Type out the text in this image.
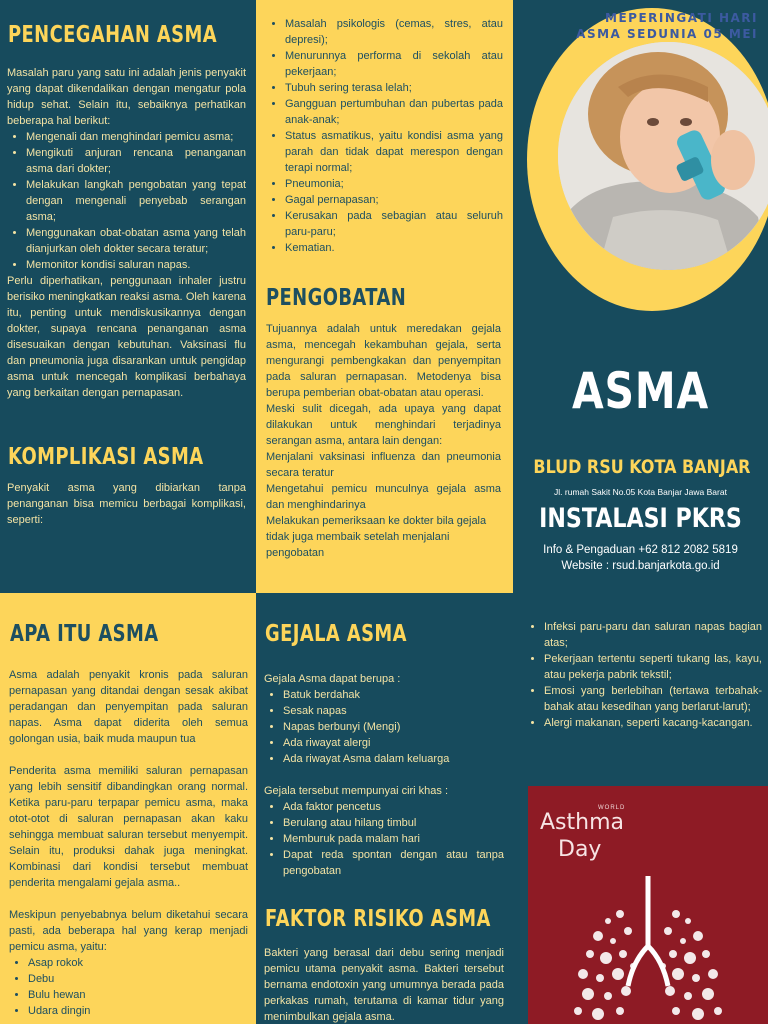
PENCEGAHAN ASMA

Masalah paru yang satu ini adalah jenis penyakit yang dapat dikendalikan dengan mengatur pola hidup sehat. Selain itu, sebaiknya perhatikan beberapa hal berikut:

• Mengenali dan menghindari pemicu asma;
• Mengikuti anjuran rencana penanganan asma dari dokter;
• Melakukan langkah pengobatan yang tepat dengan mengenali penyebab serangan asma;
• Menggunakan obat-obatan asma yang telah dianjurkan oleh dokter secara teratur;
• Memonitor kondisi saluran napas.

Perlu diperhatikan, penggunaan inhaler justru berisiko meningkatkan reaksi asma. Oleh karena itu, penting untuk mendiskusikannya dengan dokter, supaya rencana penanganan asma disesuaikan dengan kebutuhan. Vaksinasi flu dan pneumonia juga disarankan untuk pengidap asma untuk mencegah komplikasi berbahaya yang berkaitan dengan pernapasan.

KOMPLIKASI ASMA
Penyakit asma yang dibiarkan tanpa penanganan bisa memicu berbagai komplikasi, seperti:
• Masalah psikologis (cemas, stres, atau depresi);
• Menurunnya performa di sekolah atau pekerjaan;
• Tubuh sering terasa lelah;
• Gangguan pertumbuhan dan pubertas pada anak-anak;
• Status asmatikus, yaitu kondisi asma yang parah dan tidak dapat merespon dengan terapi normal;
• Pneumonia;
• Gagal pernapasan;
• Kerusakan pada sebagian atau seluruh paru-paru;
• Kematian.
PENGOBATAN

Tujuannya adalah untuk meredakan gejala asma, mencegah kekambuhan gejala, serta mengurangi pembengkakan dan penyempitan pada saluran pernapasan. Metodenya bisa berupa pemberian obat-obatan atau operasi.

Meski sulit dicegah, ada upaya yang dapat dilakukan untuk menghindari terjadinya serangan asma, antara lain dengan:

Menjalani vaksinasi influenza dan pneumonia secara teratur

Mengetahui pemicu munculnya gejala asma dan menghindarinya

Melakukan pemeriksaan ke dokter bila gejala tidak juga membaik setelah menjalani pengobatan

MEPERINGATI HARI
ASMA SEDUNIA 05 MEI
ASMA
BLUD RSU KOTA BANJAR
Jl. rumah Sakit No.05 Kota Banjar Jawa Barat
INSTALASI PKRS
Info & Pengaduan +62 812 2082 5819
Website : rsud.banjarkota.go.id
APA ITU ASMA

Asma adalah penyakit kronis pada saluran pernapasan yang ditandai dengan sesak akibat peradangan dan penyempitan pada saluran napas. Asma dapat diderita oleh semua golongan usia, baik muda maupun tua

Penderita asma memiliki saluran pernapasan yang lebih sensitif dibandingkan orang normal. Ketika paru-paru terpapar pemicu asma, maka otot-otot di saluran pernapasan akan kaku sehingga membuat saluran tersebut menyempit. Selain itu, produksi dahak juga meningkat. Kombinasi dari kondisi tersebut membuat penderita mengalami gejala asma..

Meskipun penyebabnya belum diketahui secara pasti, ada beberapa hal yang kerap menjadi pemicu asma, yaitu:

• Asap rokok
• Debu
• Bulu hewan
• Udara dingin
GEJALA ASMA

Gejala Asma dapat berupa :

• Batuk berdahak
• Sesak napas
• Napas berbunyi (Mengi)
• Ada riwayat alergi
• Ada riwayat Asma dalam keluarga

Gejala tersebut mempunyai ciri khas :

• Ada faktor pencetus
• Berulang atau hilang timbul
• Memburuk pada malam hari
• Dapat reda spontan dengan atau tanpa pengobatan
FAKTOR RISIKO ASMA
Bakteri yang berasal dari debu sering menjadi pemicu utama penyakit asma. Bakteri tersebut bernama endotoxin yang umumnya berada pada perkakas rumah, terutama di kamar tidur yang menimbulkan gejala asma.
• Infeksi paru-paru dan saluran napas bagian atas;
• Pekerjaan tertentu seperti tukang las, kayu, atau pekerja pabrik tekstil;
• Emosi yang berlebihan (tertawa terbahak-bahak atau kesedihan yang berlarut-larut);
• Alergi makanan, seperti kacang-kacangan.
WORLD
Asthma
Day
